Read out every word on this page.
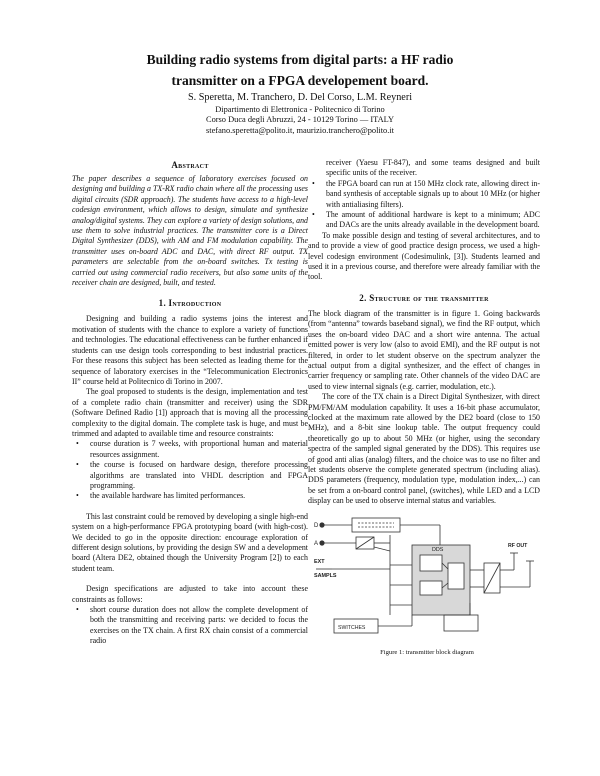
Building radio systems from digital parts: a HF radio
transmitter on a FPGA developement board.
S. Speretta, M. Tranchero, D. Del Corso, L.M. Reyneri
Dipartimento di Elettronica - Politecnico di Torino
Corso Duca degli Abruzzi, 24 - 10129 Torino — ITALY
stefano.speretta@polito.it, maurizio.tranchero@polito.it
Abstract

The paper describes a sequence of laboratory exercises focused on designing and building a TX-RX radio chain where all the processing uses digital circuits (SDR approach). The students have access to a high-level codesign environment, which allows to design, simulate and synthesize analog/digital systems. They can explore a variety of design solutions, and use them to solve industrial practices. The transmitter core is a Direct Digital Synthesizer (DDS), with AM and FM modulation capability. The transmitter uses on-board ADC and DAC, with direct RF output. TX parameters are selectable from the on-board switches. Tx testing is carried out using commercial radio receivers, but also some units of the receiver chain are designed, built, and tested.

1. Introduction

Designing and building a radio systems joins the interest and motivation of students with the chance to explore a variety of functions and technologies. The educational effectiveness can be further enhanced if students can use design tools corresponding to best industrial practices. For these reasons this subject has been selected as leading theme for the sequence of laboratory exercises in the “Telecommunication Electronics II” course held at Politecnico di Torino in 2007.

The goal proposed to students is the design, implementation and test of a complete radio chain (transmitter and receiver) using the SDR (Software Defined Radio [1]) approach that is moving all the processing complexity to the digital domain. The complete task is huge, and must be trimmed and adapted to available time and resource constraints:

• course duration is 7 weeks, with proportional human and material resources assignment.
• the course is focused on hardware design, therefore processing algorithms are translated into VHDL description and FPGA programming.
• the available hardware has limited performances.

This last constraint could be removed by developing a single high-end system on a high-performance FPGA prototyping board (with high-cost). We decided to go in the opposite direction: encourage exploration of different design solutions, by providing the design SW and a development board (Altera DE2, obtained though the University Program [2]) to each student team.

Design specifications are adjusted to take into account these constraints as follows:

• short course duration does not allow the complete development of both the transmitting and receiving parts: we decided to focus the exercises on the TX chain. A first RX chain consist of a commercial radio

receiver (Yaesu FT-847), and some teams designed and built specific units of the receiver.

• the FPGA board can run at 150 MHz clock rate, allowing direct in-band synthesis of acceptable signals up to about 10 MHz (or higher with antialiasing filters).
• The amount of additional hardware is kept to a minimum; ADC and DACs are the units already available in the development board.

To make possible design and testing of several architectures, and to and to provide a view of good practice design process, we used a high-level codesign environment (Codesimulink, [3]). Students learned and used it in a previous course, and therefore were already familiar with the tool.

2. Structure of the transmitter

The block diagram of the transmitter is in figure 1. Going backwards (from “antenna” towards baseband signal), we find the RF output, which uses the on-board video DAC and a short wire antenna. The actual emitted power is very low (also to avoid EMI), and the RF output is not filtered, in order to let student observe on the spectrum analyzer the actual output from a digital synthesizer, and the effect of changes in carrier frequency or sampling rate. Other channels of the video DAC are used to view internal signals (e.g. carrier, modulation, etc.).

The core of the TX chain is a Direct Digital Synthesizer, with direct PM/FM/AM modulation capability. It uses a 16-bit phase accumulator, clocked at the maximum rate allowed by the DE2 board (close to 150 MHz), and a 8-bit sine lookup table. The output frequency could theoretically go up to about 50 MHz (or higher, using the secondary spectra of the sampled signal generated by the DDS). This requires use of good anti alias (analog) filters, and the choice was to use no filter and let students observe the complete generated spectrum (including alias). DDS parameters (frequency, modulation type, modulation index,...) can be set from a on-board control panel, (switches), while LED and a LCD display can be used to observe internal status and variables.

D
A
EXT
SAMPLS
DDS
RF OUT
SWITCHES
Figure 1: transmitter block diagram
